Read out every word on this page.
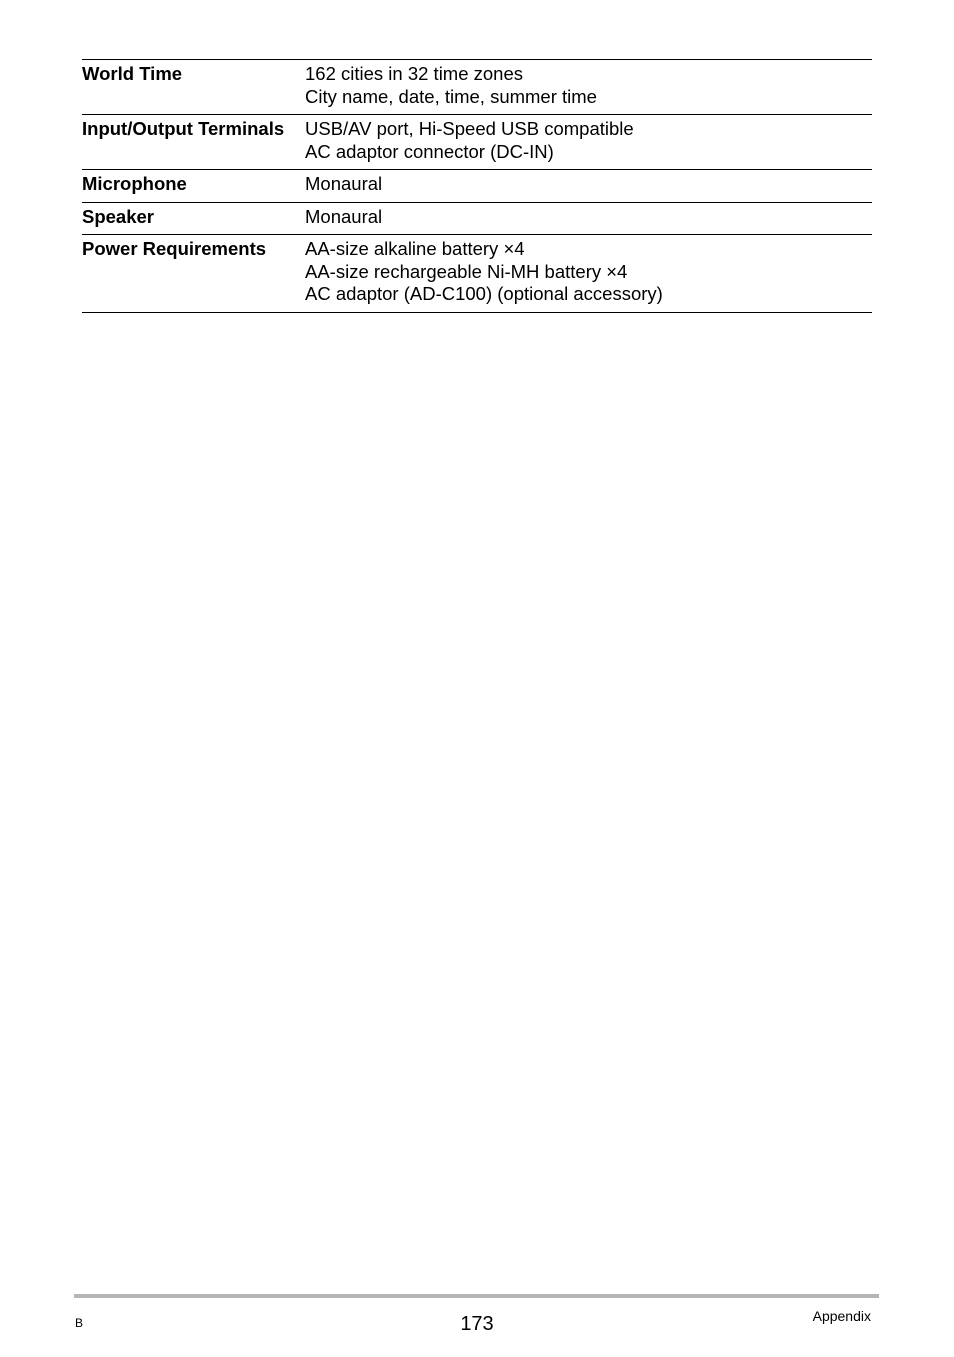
World Time	162 cities in 32 time zones
City name, date, time, summer time
Input/Output Terminals	USB/AV port, Hi-Speed USB compatible
AC adaptor connector (DC-IN)
Microphone	Monaural
Speaker	Monaural
Power Requirements	AA-size alkaline battery ×4
AA-size rechargeable Ni-MH battery ×4
AC adaptor (AD-C100) (optional accessory)
B	173	Appendix
